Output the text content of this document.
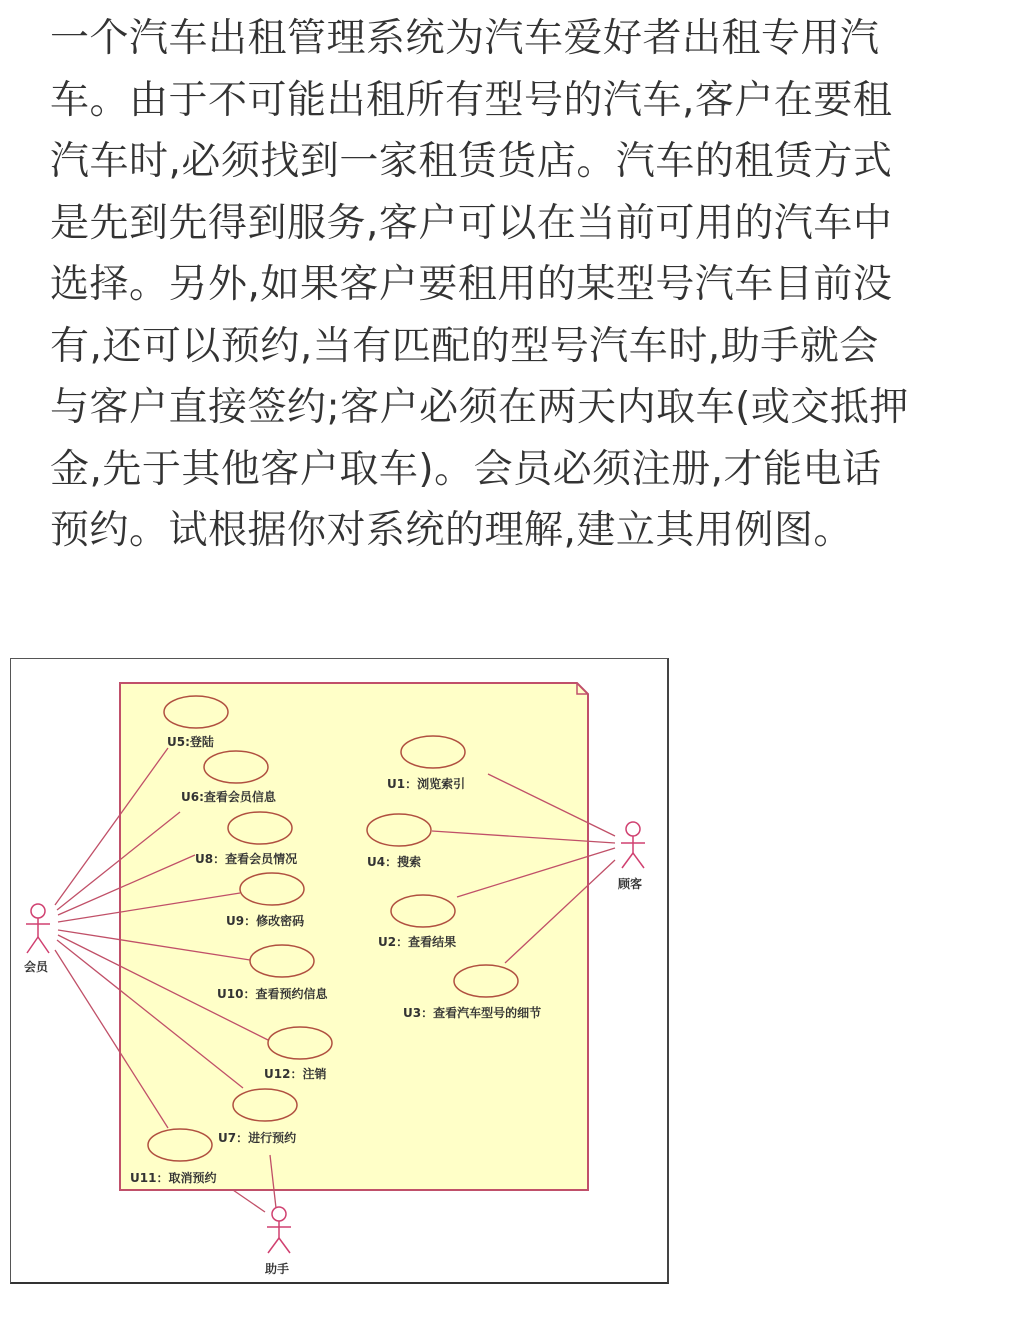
一个汽车出租管理系统为汽车爱好者出租专用汽
车。由于不可能出租所有型号的汽车,客户在要租
汽车时,必须找到一家租赁货店。汽车的租赁方式
是先到先得到服务,客户可以在当前可用的汽车中
选择。另外,如果客户要租用的某型号汽车目前没
有,还可以预约,当有匹配的型号汽车时,助手就会
与客户直接签约;客户必须在两天内取车(或交抵押
金,先于其他客户取车)。会员必须注册,才能电话
预约。试根据你对系统的理解,建立其用例图。
U5:登陆
U6:查看会员信息
U8：查看会员情况
U9：修改密码
U10：查看预约信息
U12：注销
U7：进行预约
U11：取消预约
U1：浏览索引
U4：搜索
U2：查看结果
U3：查看汽车型号的细节
会员
顾客
助手
